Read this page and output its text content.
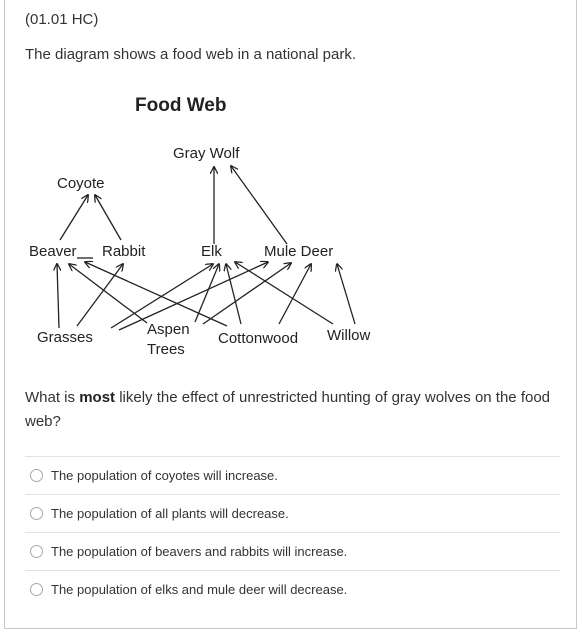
(01.01 HC)
The diagram shows a food web in a national park.
Food Web
Gray Wolf
Coyote
Beaver Rabbit	Elk	Mule Deer
Grasses	Aspen
Trees
Cottonwood Willow
What is most likely the effect of unrestricted hunting of gray wolves on the food web?
The population of coyotes will increase.
The population of all plants will decrease.
The population of beavers and rabbits will increase.
The population of elks and mule deer will decrease.
